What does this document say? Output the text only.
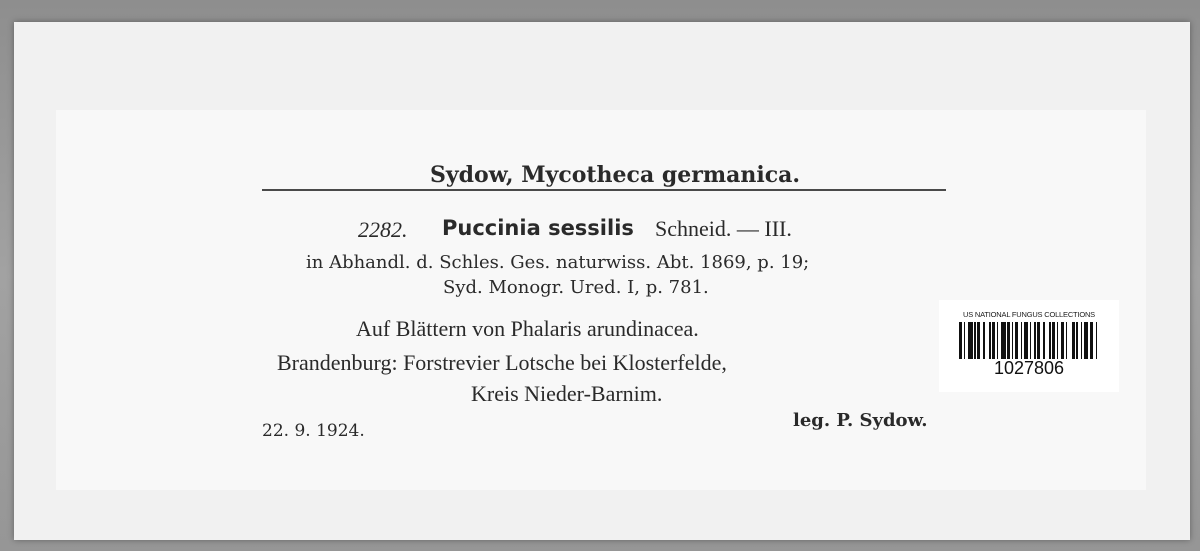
Sydow, Mycotheca germanica.
2282. Puccinia sessilis Schneid. — III.
in Abhandl. d. Schles. Ges. naturwiss. Abt. 1869, p. 19;
Syd. Monogr. Ured. I, p. 781.
Auf Blättern von Phalaris arundinacea.
Brandenburg: Forstrevier Lotsche bei Klosterfelde,
Kreis Nieder-Barnim.
22. 9. 1924.	leg. P. Sydow.
US NATIONAL FUNGUS COLLECTIONS
1027806
